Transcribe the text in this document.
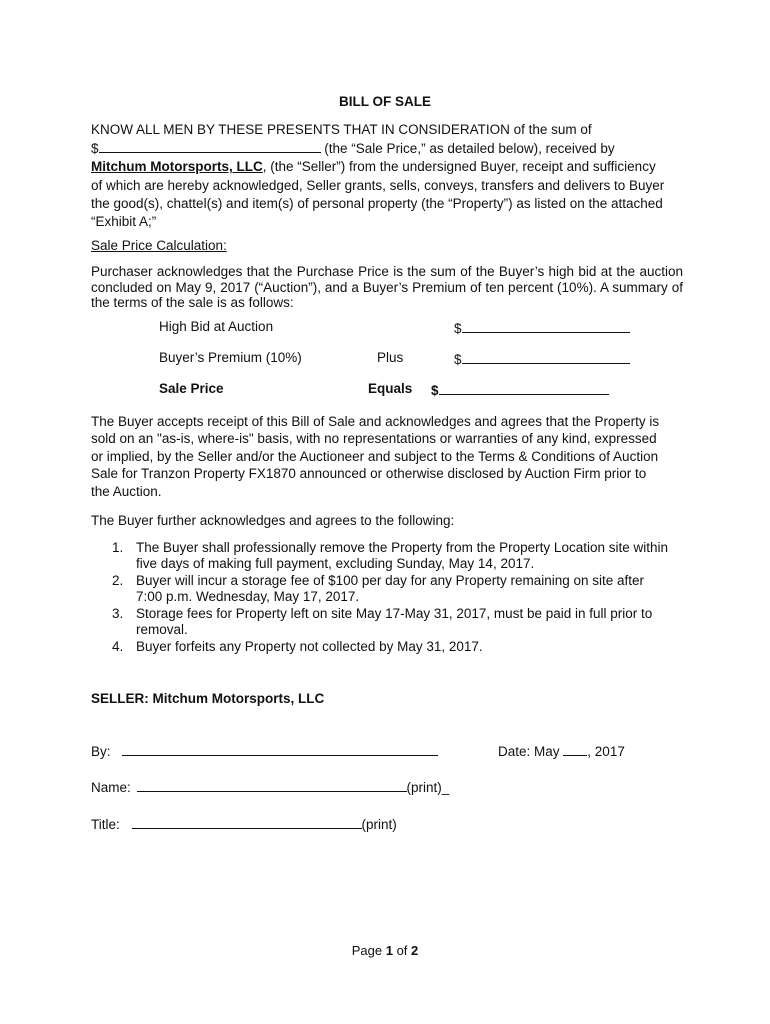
BILL OF SALE
KNOW ALL MEN BY THESE PRESENTS THAT IN CONSIDERATION of the sum of
$	(the “Sale Price,” as detailed below), received by
Mitchum Motorsports, LLC, (the “Seller”) from the undersigned Buyer, receipt and sufficiency
of which are hereby acknowledged, Seller grants, sells, conveys, transfers and delivers to Buyer
the good(s), chattel(s) and item(s) of personal property (the “Property”) as listed on the attached
“Exhibit A;”
Sale Price Calculation:
Purchaser acknowledges that the Purchase Price is the sum of the Buyer’s high bid at the auction concluded on May 9, 2017 (“Auction”), and a Buyer’s Premium of ten percent (10%). A summary of the terms of the sale is as follows:
High Bid at Auction	$
Buyer’s Premium (10%)	Plus	$
Sale Price	Equals $
The Buyer accepts receipt of this Bill of Sale and acknowledges and agrees that the Property is
sold on an "as-is, where-is" basis, with no representations or warranties of any kind, expressed
or implied, by the Seller and/or the Auctioneer and subject to the Terms & Conditions of Auction
Sale for Tranzon Property FX1870 announced or otherwise disclosed by Auction Firm prior to
the Auction.
The Buyer further acknowledges and agrees to the following:
1. The Buyer shall professionally remove the Property from the Property Location site within five days of making full payment, excluding Sunday, May 14, 2017.
2. Buyer will incur a storage fee of $100 per day for any Property remaining on site after 7:00 p.m. Wednesday, May 17, 2017.
3. Storage fees for Property left on site May 17-May 31, 2017, must be paid in full prior to removal.
4. Buyer forfeits any Property not collected by May 31, 2017.
SELLER: Mitchum Motorsports, LLC
By:	Date: May , 2017
Name:	(print)_
Title:	(print)
Page 1 of 2
